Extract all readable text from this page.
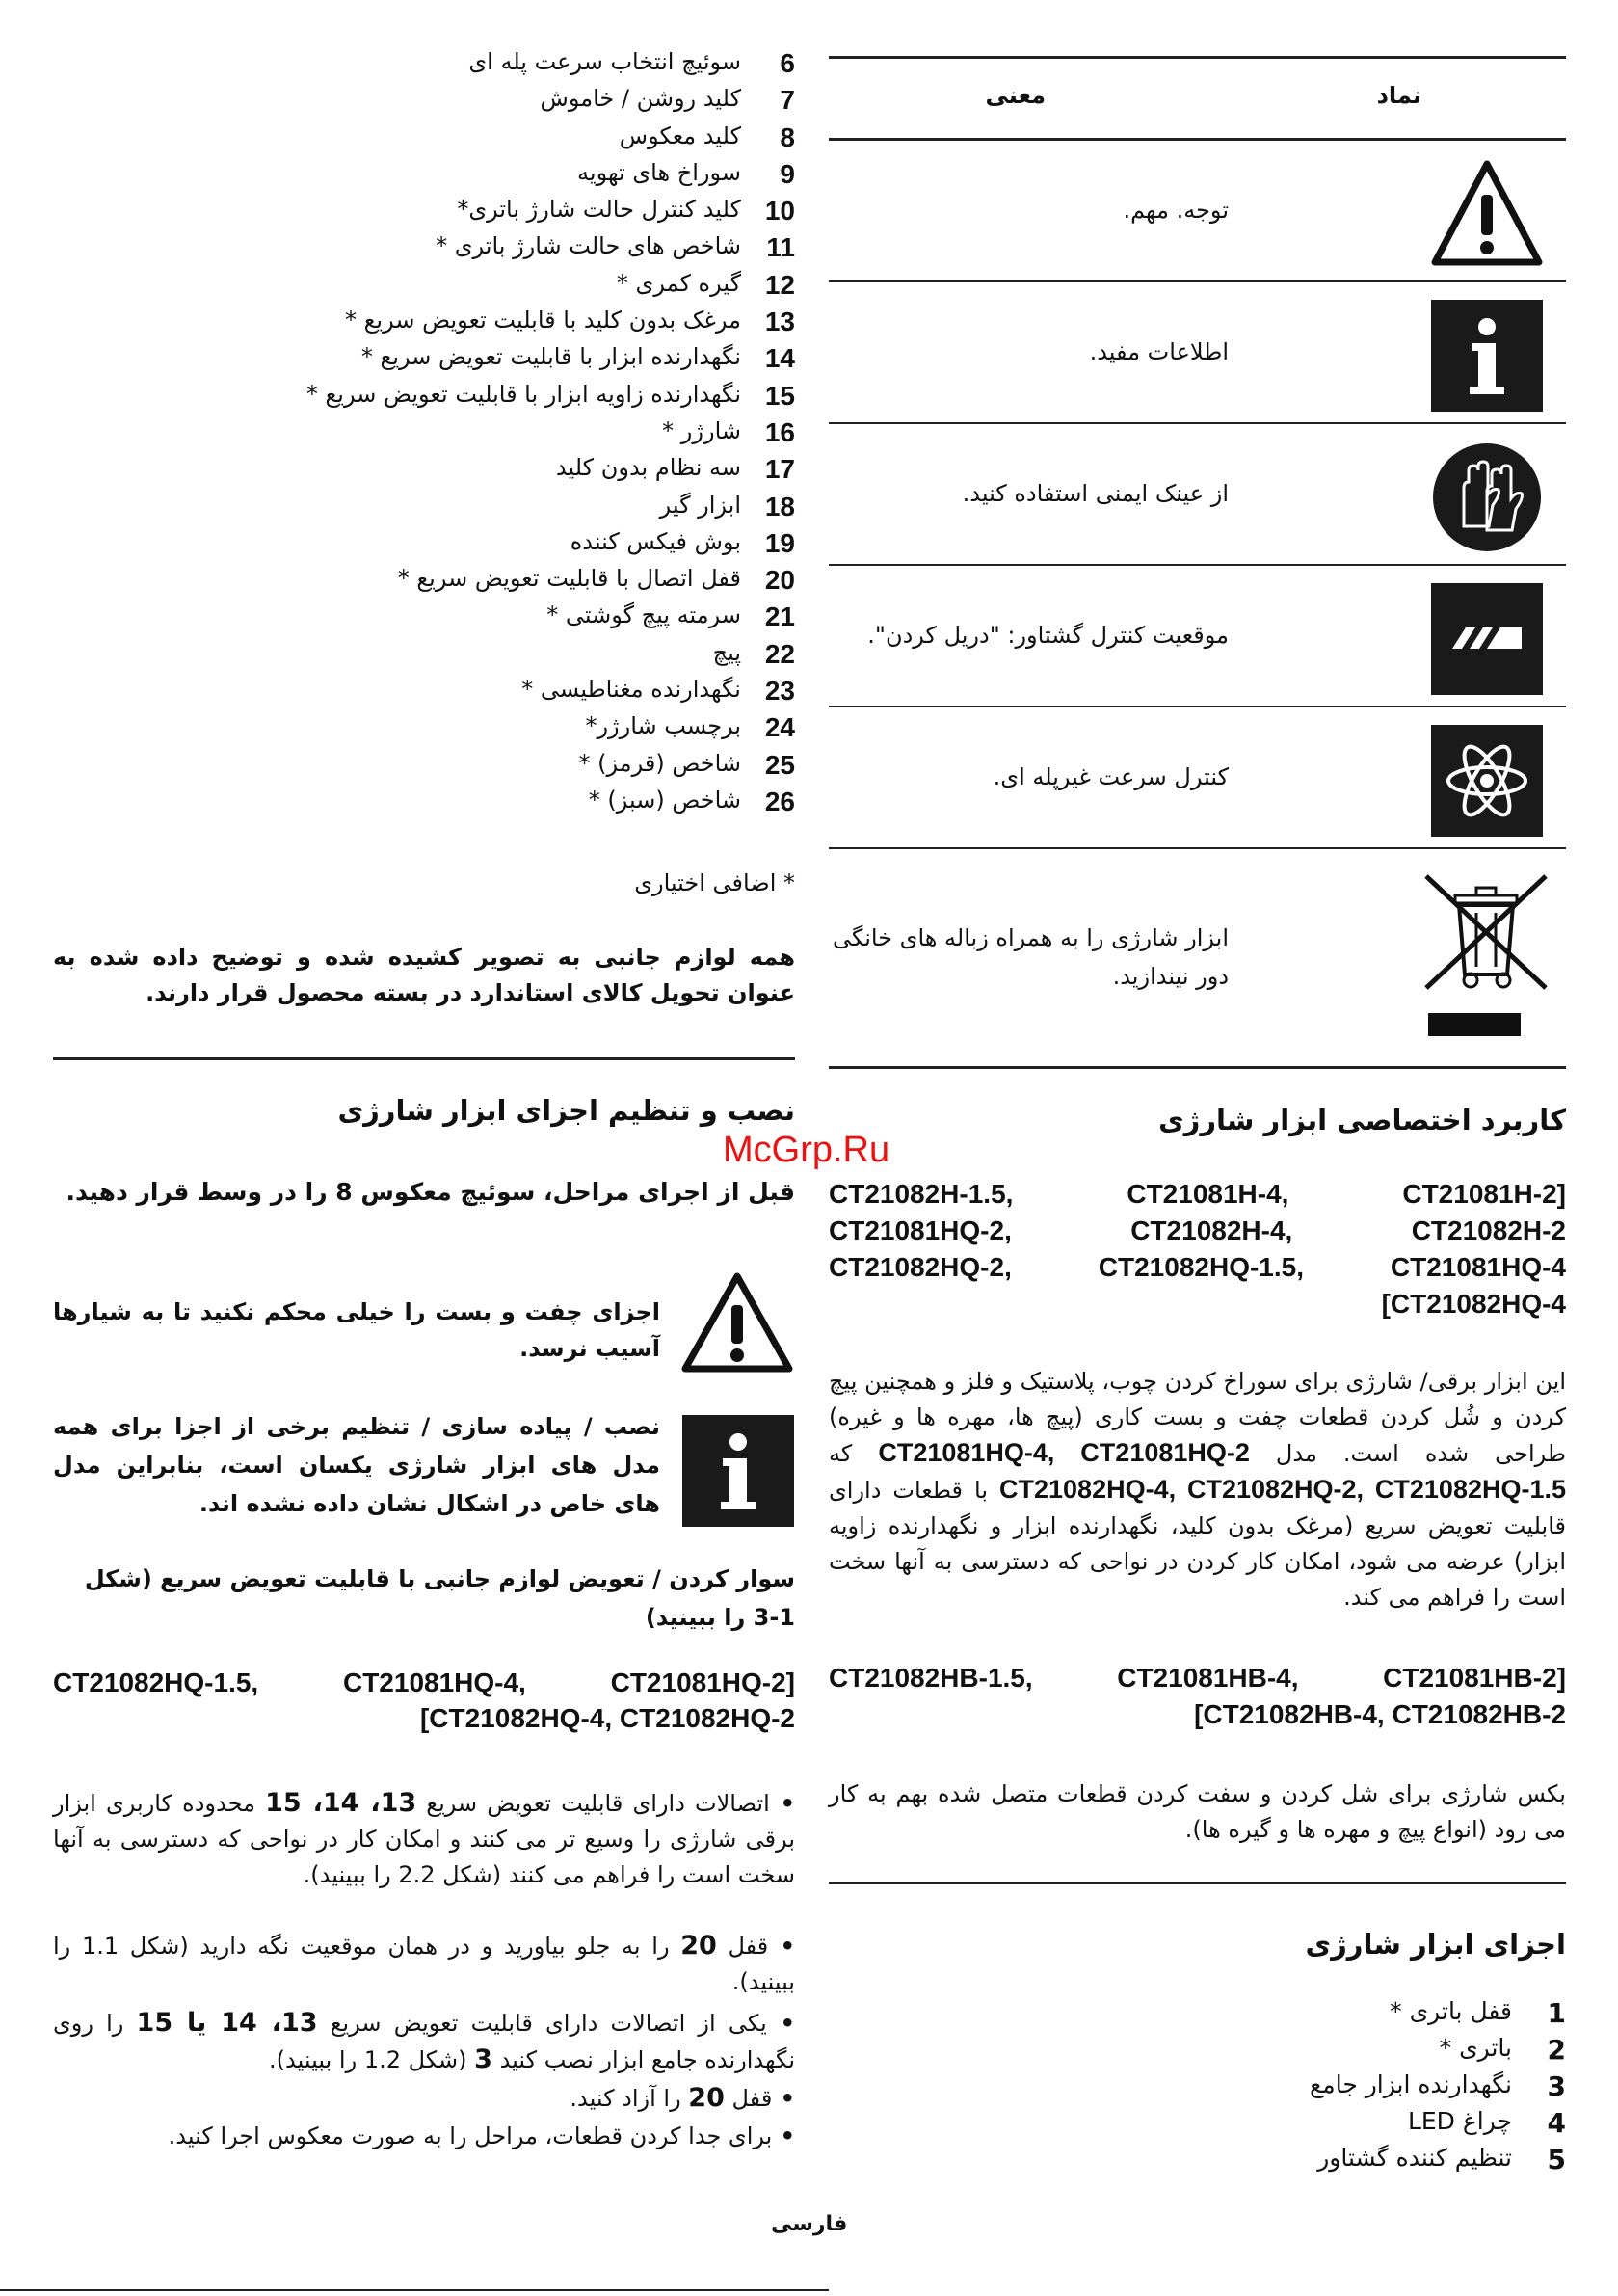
6
سوئیچ انتخاب سرعت پله ای
7
کلید روشن / خاموش
8
کلید معکوس
9
سوراخ های تهویه
10
کلید کنترل حالت شارژ باتری*
11
شاخص های حالت شارژ باتری *
12
گیره کمری *
13
مرغک بدون کلید با قابلیت تعویض سریع *
14
نگهدارنده ابزار با قابلیت تعویض سریع *
15
نگهدارنده زاویه ابزار با قابلیت تعویض سریع *
16
شارژر *
17
سه نظام بدون کلید
18
ابزار گیر
19
بوش فیکس کننده
20
قفل اتصال با قابلیت تعویض سریع *
21
سرمته پیچ گوشتی *
22
پیچ
23
نگهدارنده مغناطیسی *
24
برچسب شارژر*
25
شاخص (قرمز) *
26
شاخص (سبز) *
* اضافی اختیاری
همه لوازم جانبی به تصویر کشیده شده و توضیح داده شده به عنوان تحویل کالای استاندارد در بسته محصول قرار دارند.
نصب و تنظیم اجزای ابزار شارژی
قبل از اجرای مراحل، سوئیچ معکوس 8 را در وسط قرار دهید.
اجزای چفت و بست را خیلی محکم نکنید تا به شیارها آسیب نرسد.
نصب / پیاده سازی / تنظیم برخی از اجزا برای همه مدل های ابزار شارژی یکسان است، بنابراین مدل های خاص در اشکال نشان داده نشده اند.
سوار کردن / تعویض لوازم جانبی با قابلیت تعویض سریع (شکل 1-3 را ببینید)
CT21082HQ-1.5,	CT21081HQ-4,	CT21081HQ-2]
[CT21082HQ-4, CT21082HQ-2
• اتصالات دارای قابلیت تعویض سریع 13، 14، 15 محدوده کاربری ابزار برقی شارژی را وسیع تر می کنند و امکان کار در نواحی که دسترسی به آنها سخت است را فراهم می کنند (شکل 2.2 را ببینید).
• قفل 20 را به جلو بیاورید و در همان موقعیت نگه دارید (شکل 1.1 را ببینید).
• یکی از اتصالات دارای قابلیت تعویض سریع 13، 14 یا 15 را روی نگهدارنده جامع ابزار نصب کنید 3 (شکل 1.2 را ببینید).
• قفل 20 را آزاد کنید.
• برای جدا کردن قطعات، مراحل را به صورت معکوس اجرا کنید.
نماد
معنی
توجه. مهم.
اطلاعات مفید.
از عینک ایمنی استفاده کنید.
موقعیت کنترل گشتاور: "دریل کردن".
کنترل سرعت غیرپله ای.
ابزار شارژی را به همراه زباله های خانگی دور نیندازید.
کاربرد اختصاصی ابزار شارژی
CT21082H-1.5,	CT21081H-4,	CT21081H-2]
CT21081HQ-2,	CT21082H-4,	CT21082H-2
CT21082HQ-2,	CT21082HQ-1.5,	CT21081HQ-4
[CT21082HQ-4
این ابزار برقی/ شارژی برای سوراخ کردن چوب، پلاستیک و فلز و همچنین پیچ کردن و شُل کردن قطعات چفت و بست کاری (پیچ ها، مهره ها و غیره) طراحی شده است. مدل CT21081HQ-4, CT21081HQ-2 که CT21082HQ-4, CT21082HQ-2, CT21082HQ-1.5 با قطعات دارای قابلیت تعویض سریع (مرغک بدون کلید، نگهدارنده ابزار و نگهدارنده زاویه ابزار) عرضه می شود، امکان کار کردن در نواحی که دسترسی به آنها سخت است را فراهم می کند.
CT21082HB-1.5,	CT21081HB-4,	CT21081HB-2]
[CT21082HB-4, CT21082HB-2
بکس شارژی برای شل کردن و سفت کردن قطعات متصل شده بهم به کار می رود (انواع پیچ و مهره ها و گیره ها).
اجزای ابزار شارژی
1
قفل باتری *
2
باتری *
3
نگهدارنده ابزار جامع
4
چراغ LED
5
تنظیم کننده گشتاور
McGrp.Ru
فارسی
